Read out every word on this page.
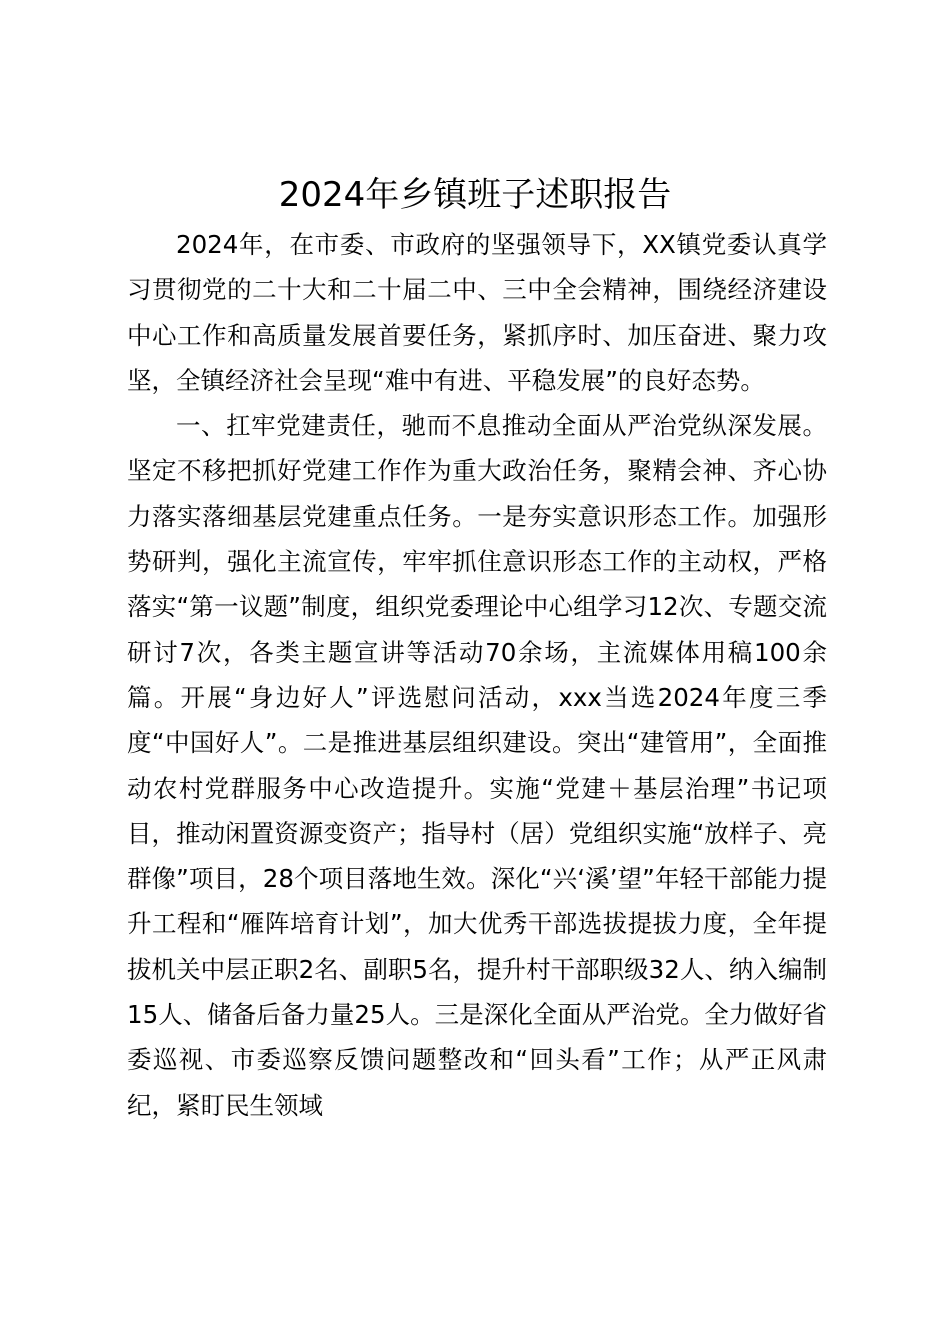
2024年乡镇班子述职报告

2024年，在市委、市政府的坚强领导下，XX镇党委认真学习贯彻党的二十大和二十届二中、三中全会精神，围绕经济建设中心工作和高质量发展首要任务，紧抓序时、加压奋进、聚力攻坚，全镇经济社会呈现“难中有进、平稳发展”的良好态势。

一、扛牢党建责任，驰而不息推动全面从严治党纵深发展。坚定不移把抓好党建工作作为重大政治任务，聚精会神、齐心协力落实落细基层党建重点任务。一是夯实意识形态工作。加强形势研判，强化主流宣传，牢牢抓住意识形态工作的主动权，严格落实“第一议题”制度，组织党委理论中心组学习12次、专题交流研讨7次，各类主题宣讲等活动70余场，主流媒体用稿100余篇。开展“身边好人”评选慰问活动，xxx当选2024年度三季度“中国好人”。二是推进基层组织建设。突出“建管用”，全面推动农村党群服务中心改造提升。实施“党建＋基层治理”书记项目，推动闲置资源变资产；指导村（居）党组织实施“放样子、亮群像”项目，28个项目落地生效。深化“兴‘溪’望”年轻干部能力提升工程和“雁阵培育计划”，加大优秀干部选拔提拔力度，全年提拔机关中层正职2名、副职5名，提升村干部职级32人、纳入编制15人、储备后备力量25人。三是深化全面从严治党。全力做好省委巡视、市委巡察反馈问题整改和“回头看”工作；从严正风肃纪，紧盯民生领域
